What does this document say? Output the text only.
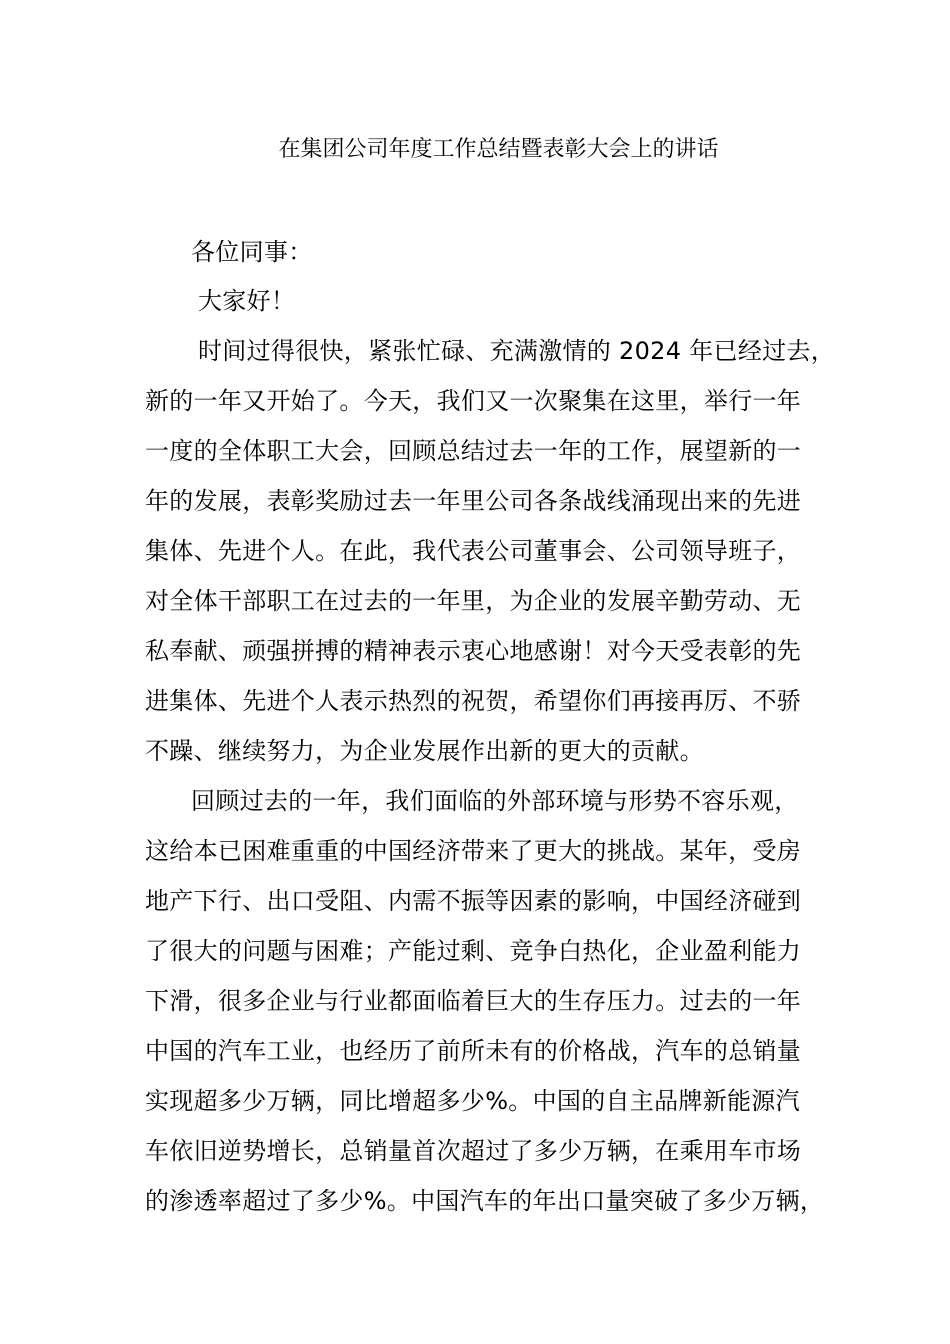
在集团公司年度工作总结暨表彰大会上的讲话
各位同事：
大家好！
时间过得很快，紧张忙碌、充满激情的 2024 年已经过去，
新的一年又开始了。今天，我们又一次聚集在这里，举行一年
一度的全体职工大会，回顾总结过去一年的工作，展望新的一
年的发展，表彰奖励过去一年里公司各条战线涌现出来的先进
集体、先进个人。在此，我代表公司董事会、公司领导班子，
对全体干部职工在过去的一年里，为企业的发展辛勤劳动、无
私奉献、顽强拼搏的精神表示衷心地感谢！对今天受表彰的先
进集体、先进个人表示热烈的祝贺，希望你们再接再厉、不骄
不躁、继续努力，为企业发展作出新的更大的贡献。
回顾过去的一年，我们面临的外部环境与形势不容乐观，
这给本已困难重重的中国经济带来了更大的挑战。某年，受房
地产下行、出口受阻、内需不振等因素的影响，中国经济碰到
了很大的问题与困难；产能过剩、竞争白热化，企业盈利能力
下滑，很多企业与行业都面临着巨大的生存压力。过去的一年
中国的汽车工业，也经历了前所未有的价格战，汽车的总销量
实现超多少万辆，同比增超多少%。中国的自主品牌新能源汽
车依旧逆势增长，总销量首次超过了多少万辆，在乘用车市场
的渗透率超过了多少%。中国汽车的年出口量突破了多少万辆，
